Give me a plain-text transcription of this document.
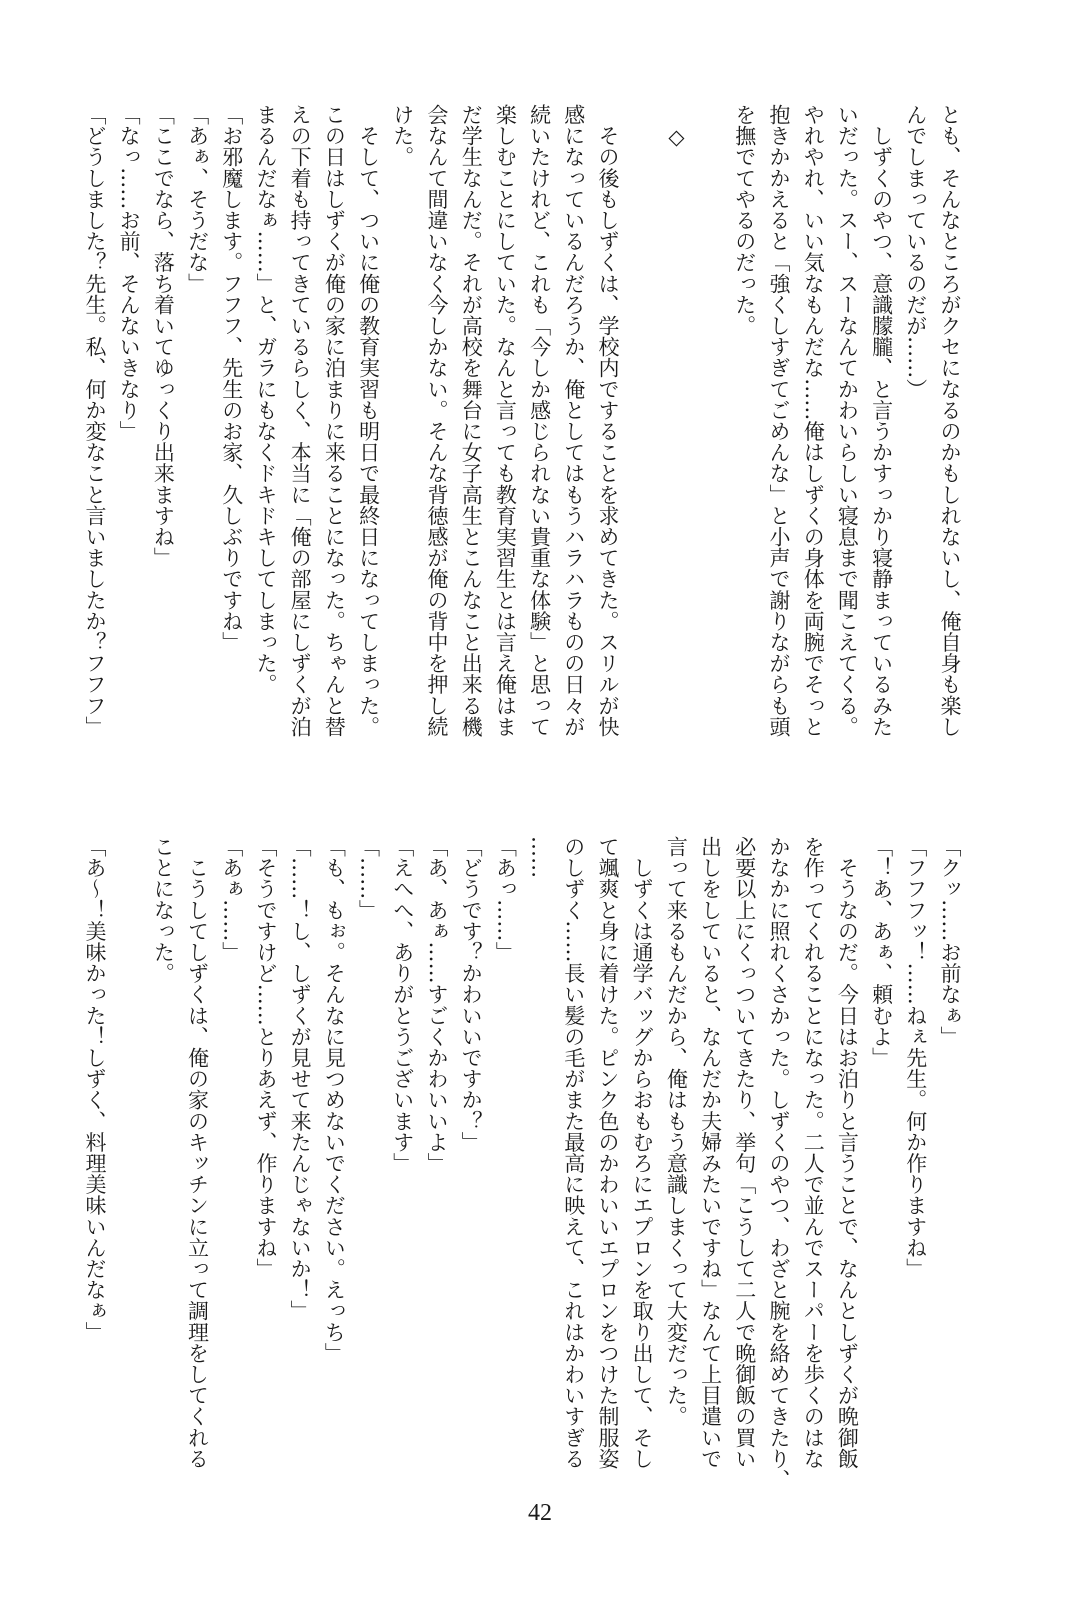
とも、そんなところがクセになるのかもしれないし、俺自身も楽し
んでしまっているのだが……）
　しずくのやつ、意識朦朧、と言うかすっかり寝静まっているみた
いだった。スー、スーなんてかわいらしい寝息まで聞こえてくる。
やれやれ、いい気なもんだな……俺はしずくの身体を両腕でそっと
抱きかかえると「強くしすぎてごめんな」と小声で謝りながらも頭
を撫でてやるのだった。
　◇
　その後もしずくは、学校内ですることを求めてきた。スリルが快
感になっているんだろうか、俺としてはもうハラハラものの日々が
続いたけれど、これも「今しか感じられない貴重な体験」と思って
楽しむことにしていた。なんと言っても教育実習生とは言え俺はま
だ学生なんだ。それが高校を舞台に女子高生とこんなこと出来る機
会なんて間違いなく今しかない。そんな背徳感が俺の背中を押し続
けた。
　そして、ついに俺の教育実習も明日で最終日になってしまった。
この日はしずくが俺の家に泊まりに来ることになった。ちゃんと替
えの下着も持ってきているらしく、本当に「俺の部屋にしずくが泊
まるんだなぁ……」と、ガラにもなくドキドキしてしまった。
「お邪魔します。フフフ、先生のお家、久しぶりですね」
「あぁ、そうだな」
「ここでなら、落ち着いてゆっくり出来ますね」
「なっ……お前、そんないきなり」
「どうしました？先生。私、何か変なこと言いましたか？フフフ」
「クッ……お前なぁ」
「フフフッ！……ねぇ先生。何か作りますね」
「！あ、あぁ、頼むよ」
　そうなのだ。今日はお泊りと言うことで、なんとしずくが晩御飯
を作ってくれることになった。二人で並んでスーパーを歩くのはな
かなかに照れくさかった。しずくのやつ、わざと腕を絡めてきたり、
必要以上にくっついてきたり、挙句「こうして二人で晩御飯の買い
出しをしていると、なんだか夫婦みたいですね」なんて上目遣いで
言って来るもんだから、俺はもう意識しまくって大変だった。
　しずくは通学バッグからおもむろにエプロンを取り出して、そし
て颯爽と身に着けた。ピンク色のかわいいエプロンをつけた制服姿
のしずく……長い髪の毛がまた最高に映えて、これはかわいすぎる
……
「あっ……」
「どうです？かわいいですか？」
「あ、あぁ……すごくかわいいよ」
「えへへ、ありがとうございます」
「……」
「も、もぉ。そんなに見つめないでください。えっち」
「……！し、しずくが見せて来たんじゃないか！」
「そうですけど……とりあえず、作りますね」
「あぁ……」
　こうしてしずくは、俺の家のキッチンに立って調理をしてくれる
ことになった。
「あ～！美味かった！しずく、料理美味いんだなぁ」
42
